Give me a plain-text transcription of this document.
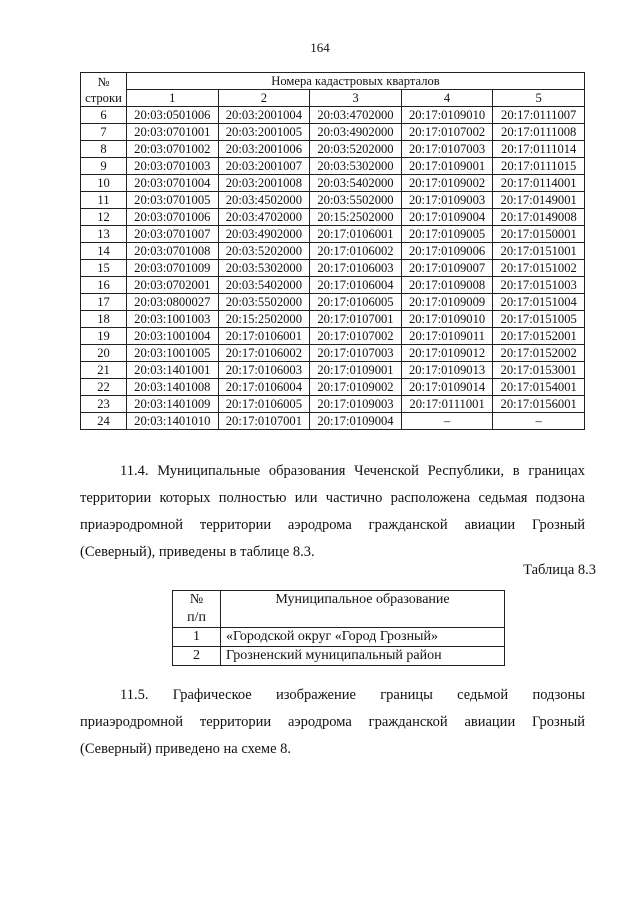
164
№
строки	Номера кадастровых кварталов				
	1	2	3	4	5
6	20:03:0501006	20:03:2001004	20:03:4702000	20:17:0109010	20:17:0111007
7	20:03:0701001	20:03:2001005	20:03:4902000	20:17:0107002	20:17:0111008
8	20:03:0701002	20:03:2001006	20:03:5202000	20:17:0107003	20:17:0111014
9	20:03:0701003	20:03:2001007	20:03:5302000	20:17:0109001	20:17:0111015
10	20:03:0701004	20:03:2001008	20:03:5402000	20:17:0109002	20:17:0114001
11	20:03:0701005	20:03:4502000	20:03:5502000	20:17:0109003	20:17:0149001
12	20:03:0701006	20:03:4702000	20:15:2502000	20:17:0109004	20:17:0149008
13	20:03:0701007	20:03:4902000	20:17:0106001	20:17:0109005	20:17:0150001
14	20:03:0701008	20:03:5202000	20:17:0106002	20:17:0109006	20:17:0151001
15	20:03:0701009	20:03:5302000	20:17:0106003	20:17:0109007	20:17:0151002
16	20:03:0702001	20:03:5402000	20:17:0106004	20:17:0109008	20:17:0151003
17	20:03:0800027	20:03:5502000	20:17:0106005	20:17:0109009	20:17:0151004
18	20:03:1001003	20:15:2502000	20:17:0107001	20:17:0109010	20:17:0151005
19	20:03:1001004	20:17:0106001	20:17:0107002	20:17:0109011	20:17:0152001
20	20:03:1001005	20:17:0106002	20:17:0107003	20:17:0109012	20:17:0152002
21	20:03:1401001	20:17:0106003	20:17:0109001	20:17:0109013	20:17:0153001
22	20:03:1401008	20:17:0106004	20:17:0109002	20:17:0109014	20:17:0154001
23	20:03:1401009	20:17:0106005	20:17:0109003	20:17:0111001	20:17:0156001
24	20:03:1401010	20:17:0107001	20:17:0109004	–	–

11.4. Муниципальные образования Чеченской Республики, в границах территории которых полностью или частично расположена седьмая подзона приаэродромной территории аэродрома гражданской авиации Грозный (Северный), приведены в таблице 8.3.

Таблица 8.3
№
п/п	Муниципальное образование
1	«Городской округ «Город Грозный»
2	Грозненский муниципальный район

11.5. Графическое изображение границы седьмой подзоны приаэродромной территории аэродрома гражданской авиации Грозный (Северный) приведено на схеме 8.
